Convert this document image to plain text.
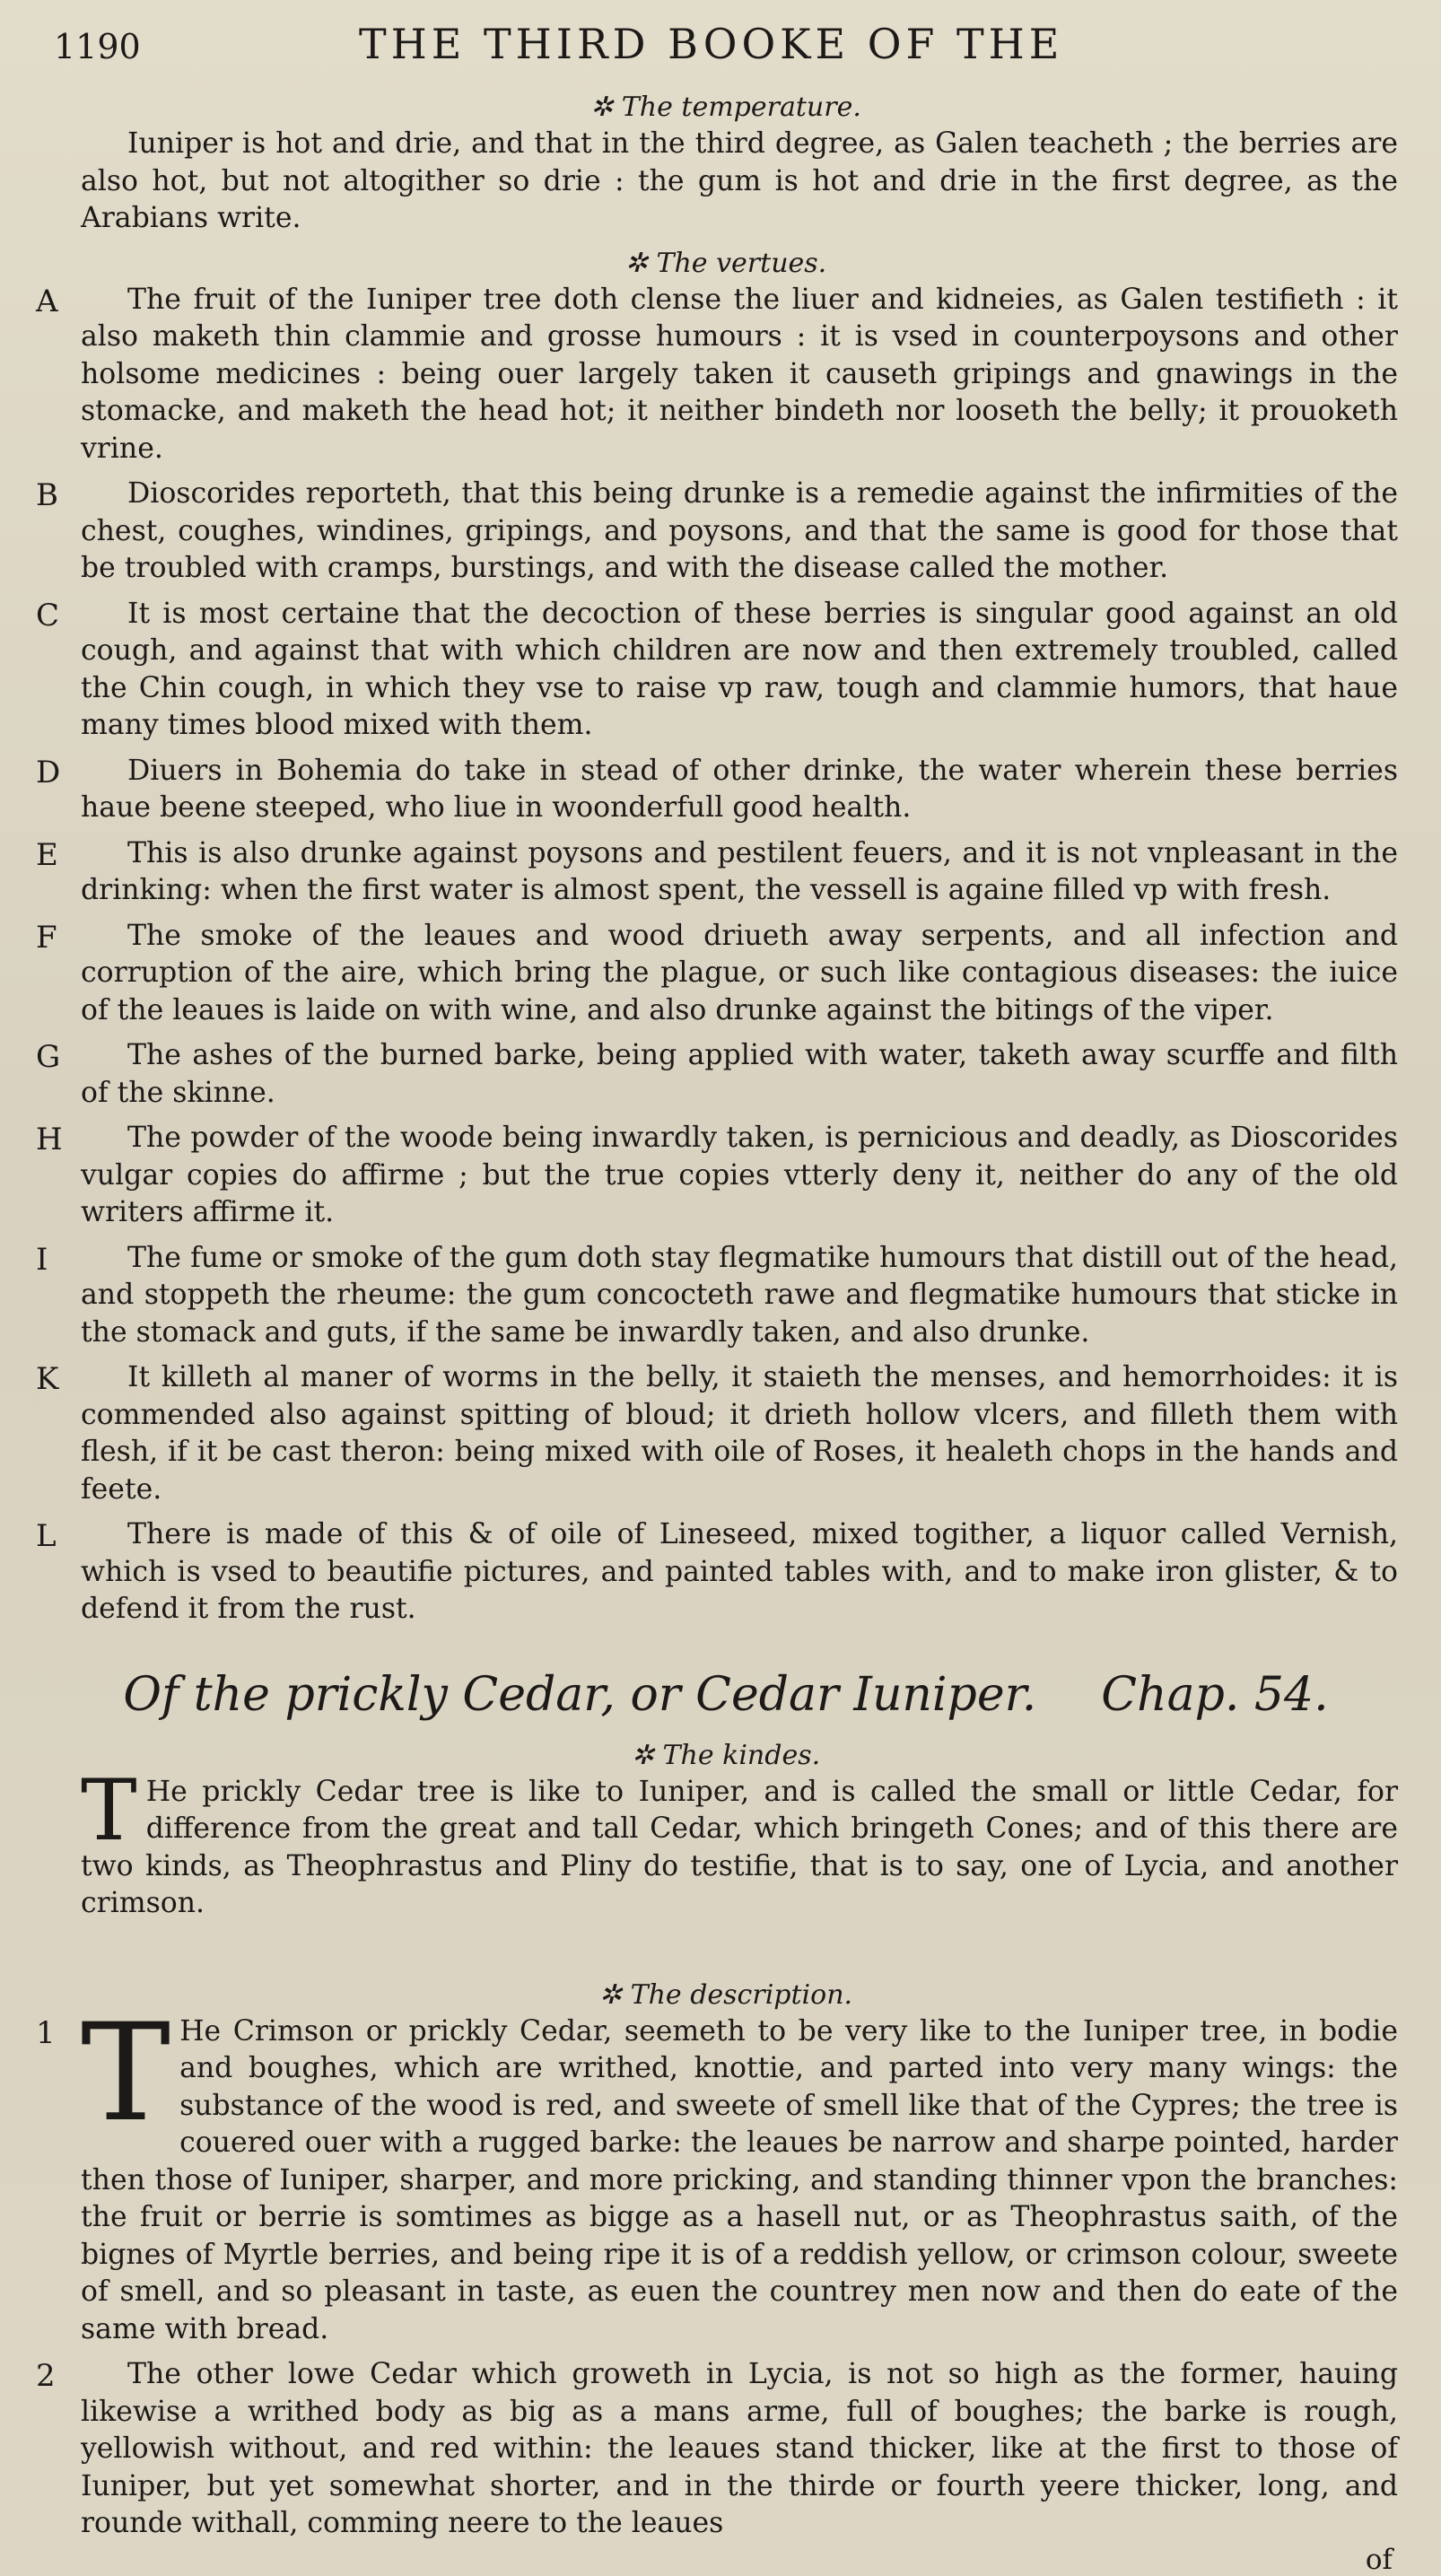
1190	THE THIRD BOOKE OF THE
✲ The temperature.

Iuniper is hot and drie, and that in the third degree, as Galen teacheth ; the berries are also hot, but not altogither so drie : the gum is hot and drie in the first degree, as the Arabians write.

✲ The vertues.
A	The fruit of the Iuniper tree doth clense the liuer and kidneies, as Galen testifieth : it also maketh thin clammie and grosse humours : it is vsed in counterpoysons and other holsome medicines : being ouer largely taken it causeth gripings and gnawings in the stomacke, and maketh the head hot; it neither bindeth nor looseth the belly; it prouoketh vrine.
B	Dioscorides reporteth, that this being drunke is a remedie against the infirmities of the chest, coughes, windines, gripings, and poysons, and that the same is good for those that be troubled with cramps, burstings, and with the disease called the mother.
C	It is most certaine that the decoction of these berries is singular good against an old cough, and against that with which children are now and then extremely troubled, called the Chin cough, in which they vse to raise vp raw, tough and clammie humors, that haue many times blood mixed with them.
D	Diuers in Bohemia do take in stead of other drinke, the water wherein these berries haue beene steeped, who liue in woonderfull good health.
E	This is also drunke against poysons and pestilent feuers, and it is not vnpleasant in the drinking: when the first water is almost spent, the vessell is againe filled vp with fresh.
F	The smoke of the leaues and wood driueth away serpents, and all infection and corruption of the aire, which bring the plague, or such like contagious diseases: the iuice of the leaues is laide on with wine, and also drunke against the bitings of the viper.
G	The ashes of the burned barke, being applied with water, taketh away scurffe and filth of the skinne.
H	The powder of the woode being inwardly taken, is pernicious and deadly, as Dioscorides vulgar copies do affirme ; but the true copies vtterly deny it, neither do any of the old writers affirme it.
I	The fume or smoke of the gum doth stay flegmatike humours that distill out of the head, and stoppeth the rheume: the gum concocteth rawe and flegmatike humours that sticke in the stomack and guts, if the same be inwardly taken, and also drunke.
K	It killeth al maner of worms in the belly, it staieth the menses, and hemorrhoides: it is commended also against spitting of bloud; it drieth hollow vlcers, and filleth them with flesh, if it be cast theron: being mixed with oile of Roses, it healeth chops in the hands and feete.
L	There is made of this & of oile of Lineseed, mixed togither, a liquor called Vernish, which is vsed to beautifie pictures, and painted tables with, and to make iron glister, & to defend it from the rust.
Of the prickly Cedar, or Cedar Iuniper. Chap. 54.
✲ The kindes.
T He prickly Cedar tree is like to Iuniper, and is called the small or little Cedar, for difference from the great and tall Cedar, which bringeth Cones; and of this there are two kinds, as Theophrastus and Pliny do testifie, that is to say, one of Lycia, and another crimson.
✲ The description.
1 T He Crimson or prickly Cedar, seemeth to be very like to the Iuniper tree, in bodie and boughes, which are writhed, knottie, and parted into very many wings: the substance of the wood is red, and sweete of smell like that of the Cypres; the tree is couered ouer with a rugged barke: the leaues be narrow and sharpe pointed, harder then those of Iuniper, sharper, and more pricking, and standing thinner vpon the branches: the fruit or berrie is somtimes as bigge as a hasell nut, or as Theophrastus saith, of the bignes of Myrtle berries, and being ripe it is of a reddish yellow, or crimson colour, sweete of smell, and so pleasant in taste, as euen the countrey men now and then do eate of the same with bread.
2	The other lowe Cedar which groweth in Lycia, is not so high as the former, hauing likewise a writhed body as big as a mans arme, full of boughes; the barke is rough, yellowish without, and red within: the leaues stand thicker, like at the first to those of Iuniper, but yet somewhat shorter, and in the thirde or fourth yeere thicker, long, and rounde withall, comming neere to the leaues
of
